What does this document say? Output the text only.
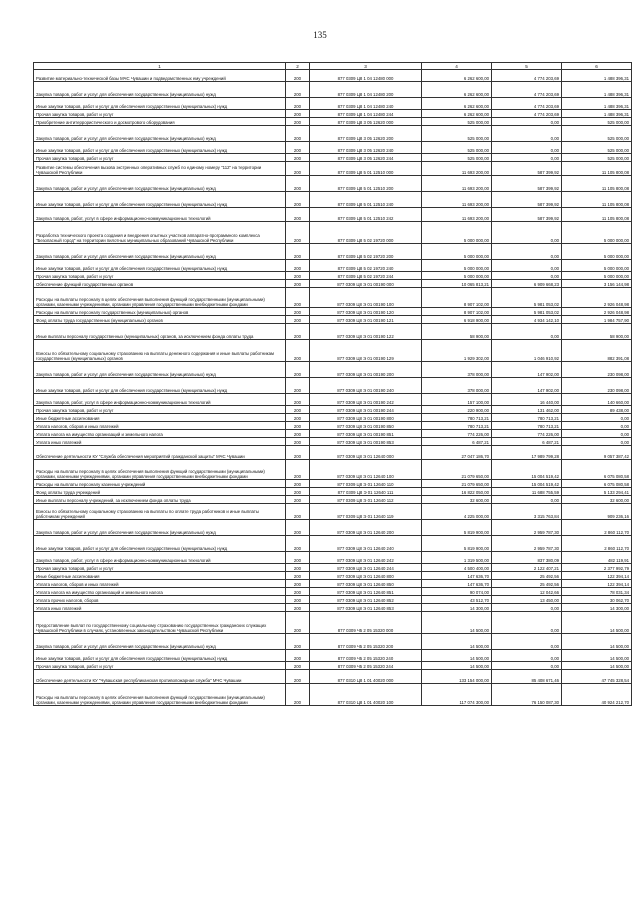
135
1	2	3	4	5	6
Развитие материально-технической базы МЧС Чувашии и подведомственных ему учреждений	200	877 0309 Ц8 1 04 12480 000	6 262 600,00	4 774 203,69	1 488 396,31
Закупка товаров, работ и услуг для обеспечения государственных (муниципальных) нужд	200	877 0309 Ц8 1 04 12480 200	6 262 600,00	4 774 203,69	1 488 396,31
Иные закупки товаров, работ и услуг для обеспечения государственных (муниципальных) нужд	200	877 0309 Ц8 1 04 12480 240	6 262 600,00	4 774 203,69	1 488 396,31
Прочая закупка товаров, работ и услуг	200	877 0309 Ц8 1 04 12480 244	6 262 600,00	4 774 203,69	1 488 396,31
Приобретение антитеррористического и досмотрового оборудования	200	877 0309 Ц8 3 05 12620 000	525 000,00	0,00	525 000,00
Закупка товаров, работ и услуг для обеспечения государственных (муниципальных) нужд	200	877 0309 Ц8 3 05 12620 200	525 000,00	0,00	525 000,00
Иные закупки товаров, работ и услуг для обеспечения государственных (муниципальных) нужд	200	877 0309 Ц8 3 05 12620 240	525 000,00	0,00	525 000,00
Прочая закупка товаров, работ и услуг	200	877 0309 Ц8 3 05 12620 244	525 000,00	0,00	525 000,00
Развитие системы обеспечения вызова экстренных оперативных служб по единому номеру "112" на территории Чувашской Республики	200	877 0309 Ц8 5 01 12510 000	11 693 200,00	587 399,92	11 105 800,08
Закупка товаров, работ и услуг для обеспечения государственных (муниципальных) нужд	200	877 0309 Ц8 5 01 12510 200	11 693 200,00	587 399,92	11 105 800,08
Иные закупки товаров, работ и услуг для обеспечения государственных (муниципальных) нужд	200	877 0309 Ц8 5 01 12510 240	11 693 200,00	587 399,92	11 105 800,08
Закупка товаров, работ, услуг в сфере информационно-коммуникационных технологий	200	877 0309 Ц8 5 01 12510 242	11 693 200,00	587 399,92	11 105 800,08
Разработка технического проекта создания и внедрения опытных участков аппаратно-программного комплекса "Безопасный город" на территории пилотных муниципальных образований Чувашской Республики	200	877 0309 Ц8 5 02 19720 000	5 000 000,00	0,00	5 000 000,00
Закупка товаров, работ и услуг для обеспечения государственных (муниципальных) нужд	200	877 0309 Ц8 5 02 19720 200	5 000 000,00	0,00	5 000 000,00
Иные закупки товаров, работ и услуг для обеспечения государственных (муниципальных) нужд	200	877 0309 Ц8 5 02 19720 240	5 000 000,00	0,00	5 000 000,00
Прочая закупка товаров, работ и услуг	200	877 0309 Ц8 5 02 19720 244	5 000 000,00	0,00	5 000 000,00
Обеспечение функций государственных органов	200	877 0309 Ц8 Э 01 00190 000	10 065 813,21	6 909 668,23	3 156 144,98
Расходы на выплаты персоналу в целях обеспечения выполнения функций государственными (муниципальными) органами, казенными учреждениями, органами управления государственными внебюджетными фондами	200	877 0309 Ц8 Э 01 00190 100	8 907 102,00	5 981 053,02	2 926 048,98
Расходы на выплаты персоналу государственных (муниципальных) органов	200	877 0309 Ц8 Э 01 00190 120	8 907 102,00	5 981 053,02	2 926 048,98
Фонд оплаты труда государственных (муниципальных) органов	200	877 0309 Ц8 Э 01 00190 121	6 918 900,00	4 934 142,10	1 984 757,90
Иные выплаты персоналу государственных (муниципальных) органов, за исключением фонда оплаты труда	200	877 0309 Ц8 Э 01 00190 122	58 900,00	0,00	58 900,00
Взносы по обязательному социальному страхованию на выплаты денежного содержания и иные выплаты работникам государственных (муниципальных) органов	200	877 0309 Ц8 Э 01 00190 129	1 929 302,00	1 046 910,92	882 391,08
Закупка товаров, работ и услуг для обеспечения государственных (муниципальных) нужд	200	877 0309 Ц8 Э 01 00190 200	378 000,00	147 902,00	230 098,00
Иные закупки товаров, работ и услуг для обеспечения государственных (муниципальных) нужд	200	877 0309 Ц8 Э 01 00190 240	378 000,00	147 902,00	230 098,00
Закупка товаров, работ, услуг в сфере информационно-коммуникационных технологий	200	877 0309 Ц8 Э 01 00190 242	157 100,00	16 440,00	140 660,00
Прочая закупка товаров, работ и услуг	200	877 0309 Ц8 Э 01 00190 244	220 900,00	131 462,00	89 438,00
Иные бюджетные ассигнования	200	877 0309 Ц8 Э 01 00190 800	780 713,21	780 713,21	0,00
Уплата налогов, сборов и иных платежей	200	877 0309 Ц8 Э 01 00190 850	780 713,21	780 713,21	0,00
Уплата налога на имущество организаций и земельного налога	200	877 0309 Ц8 Э 01 00190 851	774 226,00	774 226,00	0,00
Уплата иных платежей	200	877 0309 Ц8 Э 01 00190 853	6 487,21	6 487,21	0,00
Обеспечение деятельности КУ "Служба обеспечения мероприятий гражданской защиты" МЧС Чувашии	200	877 0309 Ц8 Э 01 12640 000	27 047 186,70	17 989 799,28	9 057 387,42
Расходы на выплаты персоналу в целях обеспечения выполнения функций государственными (муниципальными) органами, казенными учреждениями, органами управления государственными внебюджетными фондами	200	877 0309 Ц8 Э 01 12640 100	21 079 650,00	15 004 519,42	6 075 080,58
Расходы на выплаты персоналу казенных учреждений	200	877 0309 Ц8 Э 01 12640 110	21 079 650,00	15 004 519,42	6 075 080,58
Фонд оплаты труда учреждений	200	877 0309 Ц8 Э 01 12640 111	16 822 050,00	11 688 755,59	5 133 294,41
Иные выплаты персоналу учреждений, за исключением фонда оплаты труда	200	877 0309 Ц8 Э 01 12640 112	32 600,00	0,00	32 600,00
Взносы по обязательному социальному страхованию на выплаты по оплате труда работников и иные выплаты работникам учреждений	200	877 0309 Ц8 Э 01 12640 119	4 225 000,00	3 315 763,84	909 236,16
Закупка товаров, работ и услуг для обеспечения государственных (муниципальных) нужд	200	877 0309 Ц8 Э 01 12640 200	5 819 900,00	2 959 787,30	2 860 112,70
Иные закупки товаров, работ и услуг для обеспечения государственных (муниципальных) нужд	200	877 0309 Ц8 Э 01 12640 240	5 819 900,00	2 959 787,30	2 860 112,70
Закупка товаров, работ, услуг в сфере информационно-коммуникационных технологий	200	877 0309 Ц8 Э 01 12640 242	1 319 500,00	837 380,09	482 119,91
Прочая закупка товаров, работ и услуг	200	877 0309 Ц8 Э 01 12640 244	4 500 400,00	2 122 407,21	2 377 992,79
Иные бюджетные ассигнования	200	877 0309 Ц8 Э 01 12640 800	147 636,70	25 492,56	122 394,14
Уплата налогов, сборов и иных платежей	200	877 0309 Ц8 Э 01 12640 850	147 636,70	25 492,56	122 394,14
Уплата налога на имущество организаций и земельного налога	200	877 0309 Ц8 Э 01 12640 851	90 074,00	12 042,66	78 031,34
Уплата прочих налогов, сборов	200	877 0309 Ц8 Э 01 12640 852	43 512,70	13 450,00	30 062,70
Уплата иных платежей	200	877 0309 Ц8 Э 01 12640 853	14 300,00	0,00	14 300,00
Предоставление выплат по государственному социальному страхованию государственных гражданских служащих Чувашской Республики в случаях, установленных законодательством Чувашской Республики	200	877 0309 Ч5 2 05 15320 000	14 500,00	0,00	14 500,00
Закупка товаров, работ и услуг для обеспечения государственных (муниципальных) нужд	200	877 0309 Ч5 2 05 15320 200	14 500,00	0,00	14 500,00
Иные закупки товаров, работ и услуг для обеспечения государственных (муниципальных) нужд	200	877 0309 Ч5 2 05 15320 240	14 500,00	0,00	14 500,00
Прочая закупка товаров, работ и услуг	200	877 0309 Ч5 2 05 15320 244	14 500,00	0,00	14 500,00
Обеспечение деятельности КУ "Чувашская республиканская противопожарная служба" МЧС Чувашии	200	877 0310 Ц8 1 01 40020 000	133 154 000,00	85 408 671,46	47 745 328,54
Расходы на выплаты персоналу в целях обеспечения выполнения функций государственными (муниципальными) органами, казенными учреждениями, органами управления государственными внебюджетными фондами	200	877 0310 Ц8 1 01 40020 100	117 074 300,00	76 150 087,30	40 924 212,70
